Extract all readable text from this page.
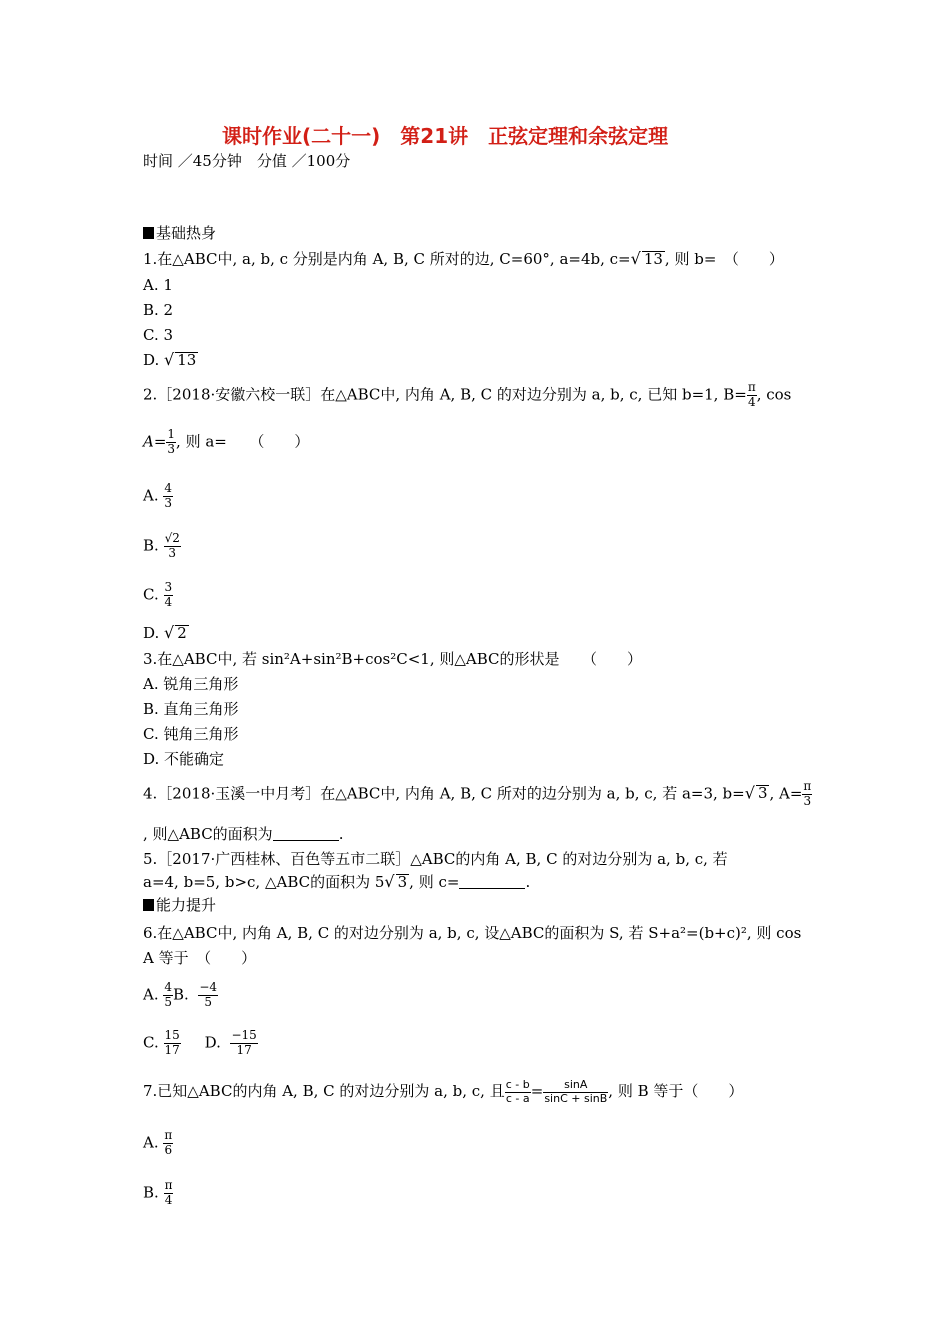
课时作业(二十一)　第21讲　正弦定理和余弦定理
时间 ／45分钟　分值 ／100分
基础热身
1.在△ABC中, a, b, c 分别是内角 A, B, C 所对的边, C=60°, a=4b, c=√ 13 , 则 b=　（　　）
A. 1
B. 2
C. 3
D. √ 13
2.［2018·安徽六校一联］在△ABC中, 内角 A, B, C 的对边分别为 a, b, c, 已知 b=1, $B= \frac{\pi}{4}$ , cos
$A= \frac{1}{3}$ , 则 a=　　（　　）
A. $\frac{4}{3}$
B. $\frac{√2}{3}$
C. $\frac{3}{4}$
D. √ 2
3.在△ABC中, 若 sin²A+sin²B+cos²C<1, 则△ABC的形状是　　（　　）
A. 锐角三角形
B. 直角三角形
C. 钝角三角形
D. 不能确定
4.［2018·玉溪一中月考］在△ABC中, 内角 A, B, C 所对的边分别为 a, b, c, 若 a=3, b=√ 3 , $A= \frac{\pi}{3}$
, 则△ABC的面积为	.
5.［2017·广西桂林、百色等五市二联］△ABC的内角 A, B, C 的对边分别为 a, b, c, 若
a=4, b=5, b>c, △ABC的面积为 5√ 3 , 则 c=	.
能力提升
6.在△ABC中, 内角 A, B, C 的对边分别为 a, b, c, 设△ABC的面积为 S, 若 S+a²=(b+c)², 则 cos
A 等于　（　　）
A. $\frac{4}{5} B$. $\frac{-4}{5}$
C. $\frac{15}{17} D$. $\frac{-15}{17}$
7.已知△ABC的内角 A, B, C 的对边分别为 a, b, c, 且 $\frac{c - b}{c - a} = \frac{\sin A}{\sin C + \sin B}$ , 则 B 等于（　　）
A. $\frac{\pi}{6}$
B. $\frac{\pi}{4}$
